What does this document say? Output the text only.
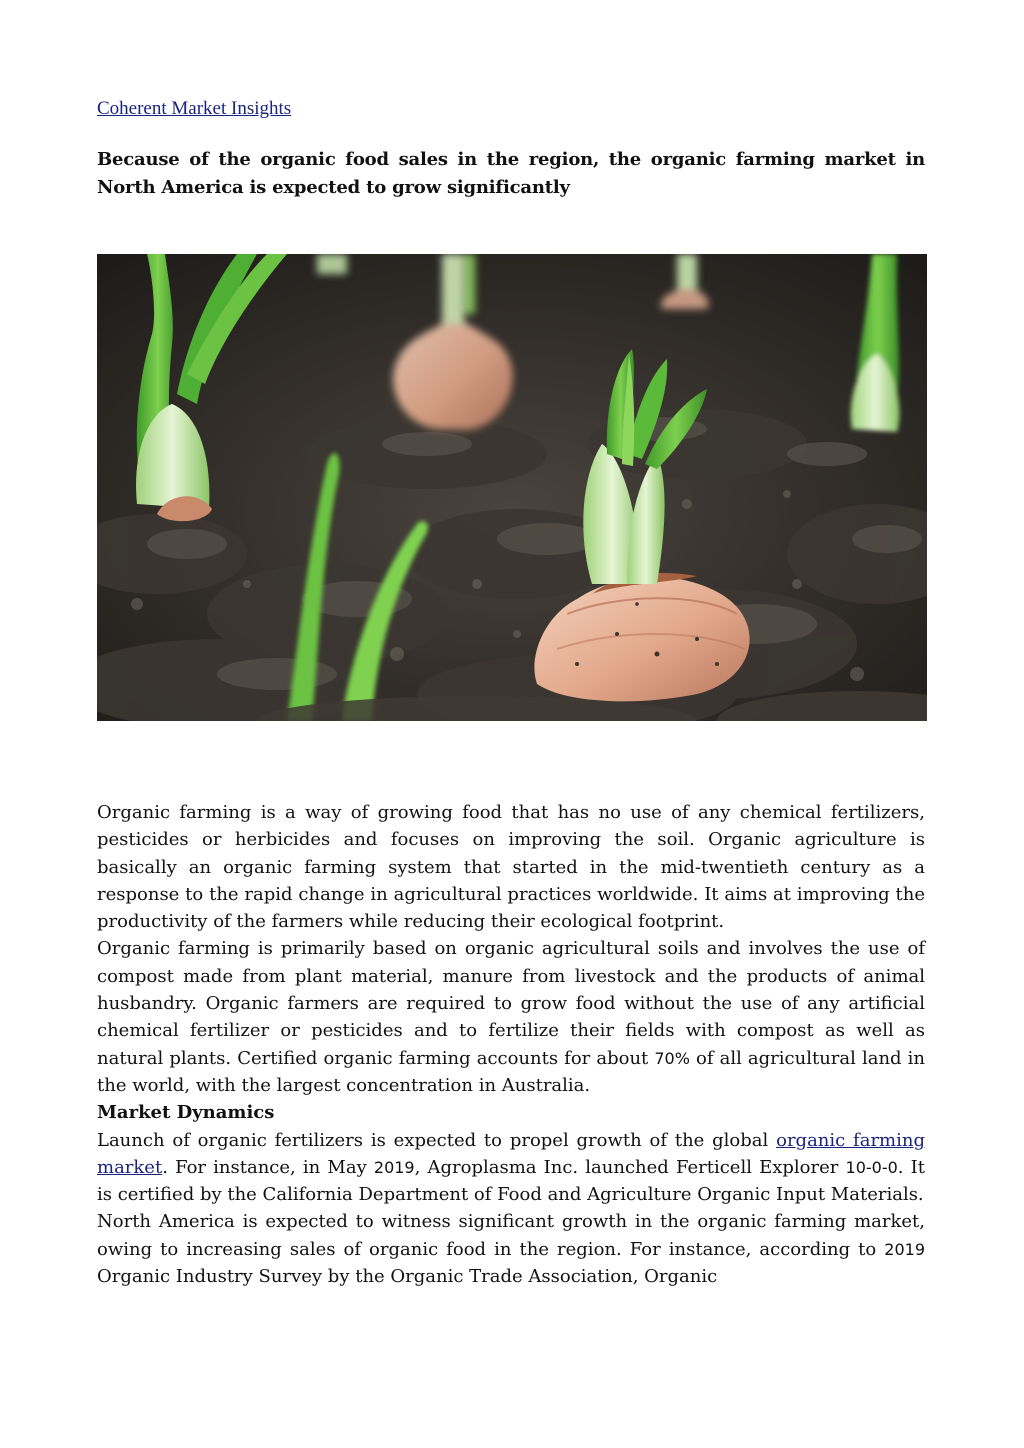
Coherent Market Insights
Because of the organic food sales in the region, the organic farming market in North America is expected to grow significantly

Organic farming is a way of growing food that has no use of any chemical fertilizers, pesticides or herbicides and focuses on improving the soil. Organic agriculture is basically an organic farming system that started in the mid-twentieth century as a response to the rapid change in agricultural practices worldwide. It aims at improving the productivity of the farmers while reducing their ecological footprint.

Organic farming is primarily based on organic agricultural soils and involves the use of compost made from plant material, manure from livestock and the products of animal husbandry. Organic farmers are required to grow food without the use of any artificial chemical fertilizer or pesticides and to fertilize their fields with compost as well as natural plants. Certified organic farming accounts for about 70% of all agricultural land in the world, with the largest concentration in Australia.

Market Dynamics

Launch of organic fertilizers is expected to propel growth of the global organic farming market. For instance, in May 2019, Agroplasma Inc. launched Ferticell Explorer 10-0-0. It is certified by the California Department of Food and Agriculture Organic Input Materials.

North America is expected to witness significant growth in the organic farming market, owing to increasing sales of organic food in the region. For instance, according to 2019 Organic Industry Survey by the Organic Trade Association, Organic
